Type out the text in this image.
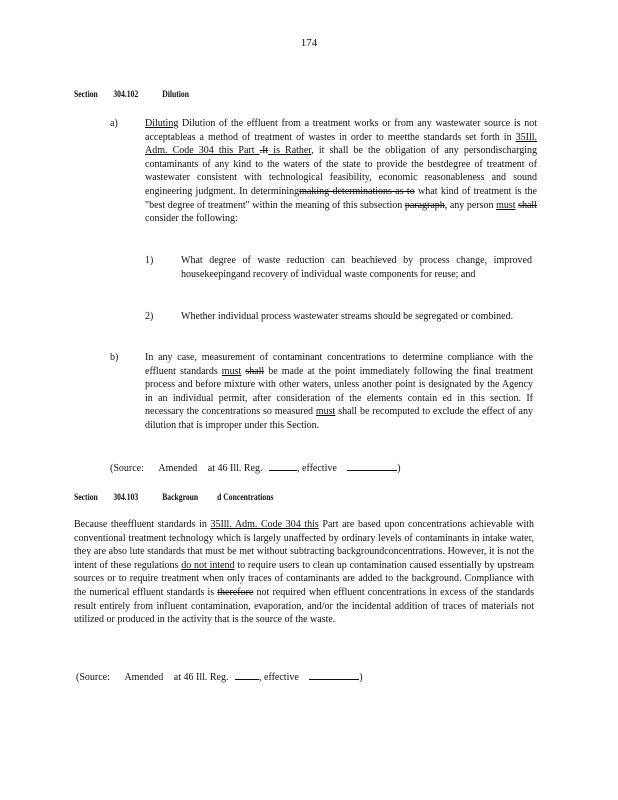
174
Section 304.102	Dilution
a)	Diluting Dilution of the effluent from a treatment works or from any wastewater source is not acceptableas a method of treatment of wastes in order to meetthe standards set forth in 35Ill. Adm. Code 304 this Part .It is Rather, it shall be the obligation of any persondischarging contaminants of any kind to the waters of the state to provide the bestdegree of treatment of wastewater consistent with technological feasibility, economic reasonableness and sound engineering judgment. In determiningmaking determinations as to what kind of treatment is the "best degree of treatment" within the meaning of this subsection paragraph, any person must shall consider the following:
1)	What degree of waste reduction can beachieved by process change, improved housekeepingand recovery of individual waste components for reuse; and
2)	Whether individual process wastewater streams should be segregated or combined.
b)	In any case, measurement of contaminant concentrations to determine compliance with the effluent standards must shall be made at the point immediately following the final treatment process and before mixture with other waters, unless another point is designated by the Agency in an individual permit, after consideration of the elements contain ed in this section. If necessary the concentrations so measured must shall be recomputed to exclude the effect of any dilution that is improper under this Section.
(Source: Amended at 46 Ill. Reg.	, effective	)
Section 304.103	Backgroun d Concentrations
Because theeffluent standards in 35Ill. Adm. Code 304 this Part are based upon concentrations achievable with conventional treatment technology which is largely unaffected by ordinary levels of contaminants in intake water, they are abso lute standards that must be met without subtracting backgroundconcentrations. However, it is not the intent of these regulations do not intend to require users to clean up contamination caused essentially by upstream sources or to require treatment when only traces of contaminants are added to the background. Compliance with the numerical effluent standards is therefore not required when effluent concentrations in excess of the standards result entirely from influent contamination, evaporation, and/or the incidental addition of traces of materials not utilized or produced in the activity that is the source of the waste.
(Source: Amended at 46 Ill. Reg.	, effective	)
